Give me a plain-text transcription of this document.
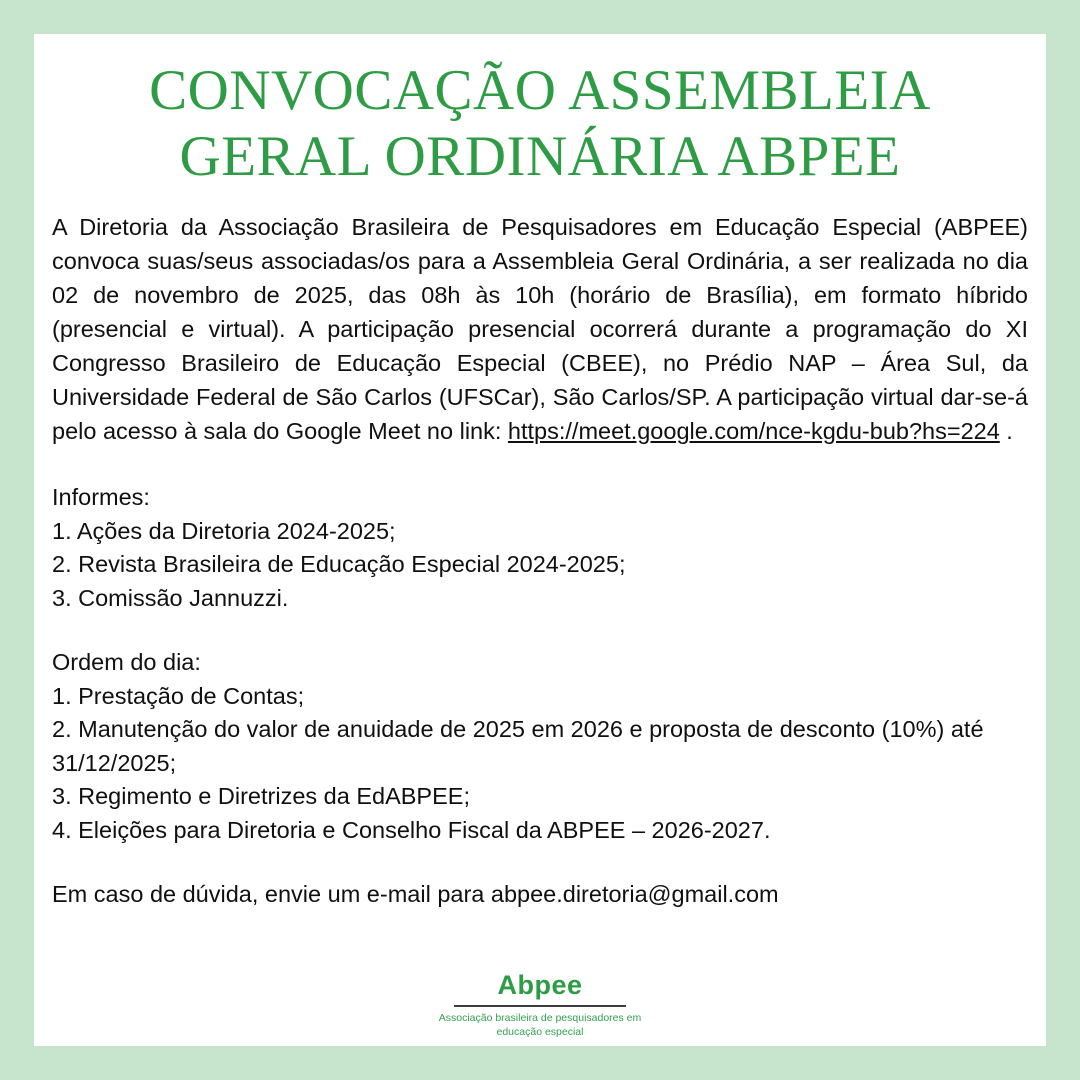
CONVOCAÇÃO ASSEMBLEIA
GERAL ORDINÁRIA ABPEE

A Diretoria da Associação Brasileira de Pesquisadores em Educação Especial (ABPEE) convoca suas/seus associadas/os para a Assembleia Geral Ordinária, a ser realizada no dia 02 de novembro de 2025, das 08h às 10h (horário de Brasília), em formato híbrido (presencial e virtual). A participação presencial ocorrerá durante a programação do XI Congresso Brasileiro de Educação Especial (CBEE), no Prédio NAP – Área Sul, da Universidade Federal de São Carlos (UFSCar), São Carlos/SP. A participação virtual dar-se-á pelo acesso à sala do Google Meet no link: https://meet.google.com/nce-kgdu-bub?hs=224 .

Informes:
1. Ações da Diretoria 2024-2025;
2. Revista Brasileira de Educação Especial 2024-2025;
3. Comissão Jannuzzi.
Ordem do dia:
1. Prestação de Contas;
2. Manutenção do valor de anuidade de 2025 em 2026 e proposta de desconto (10%) até 31/12/2025;
3. Regimento e Diretrizes da EdABPEE;
4. Eleições para Diretoria e Conselho Fiscal da ABPEE – 2026-2027.
Em caso de dúvida, envie um e-mail para abpee.diretoria@gmail.com
Abpee
Associação brasileira de pesquisadores em
educação especial
